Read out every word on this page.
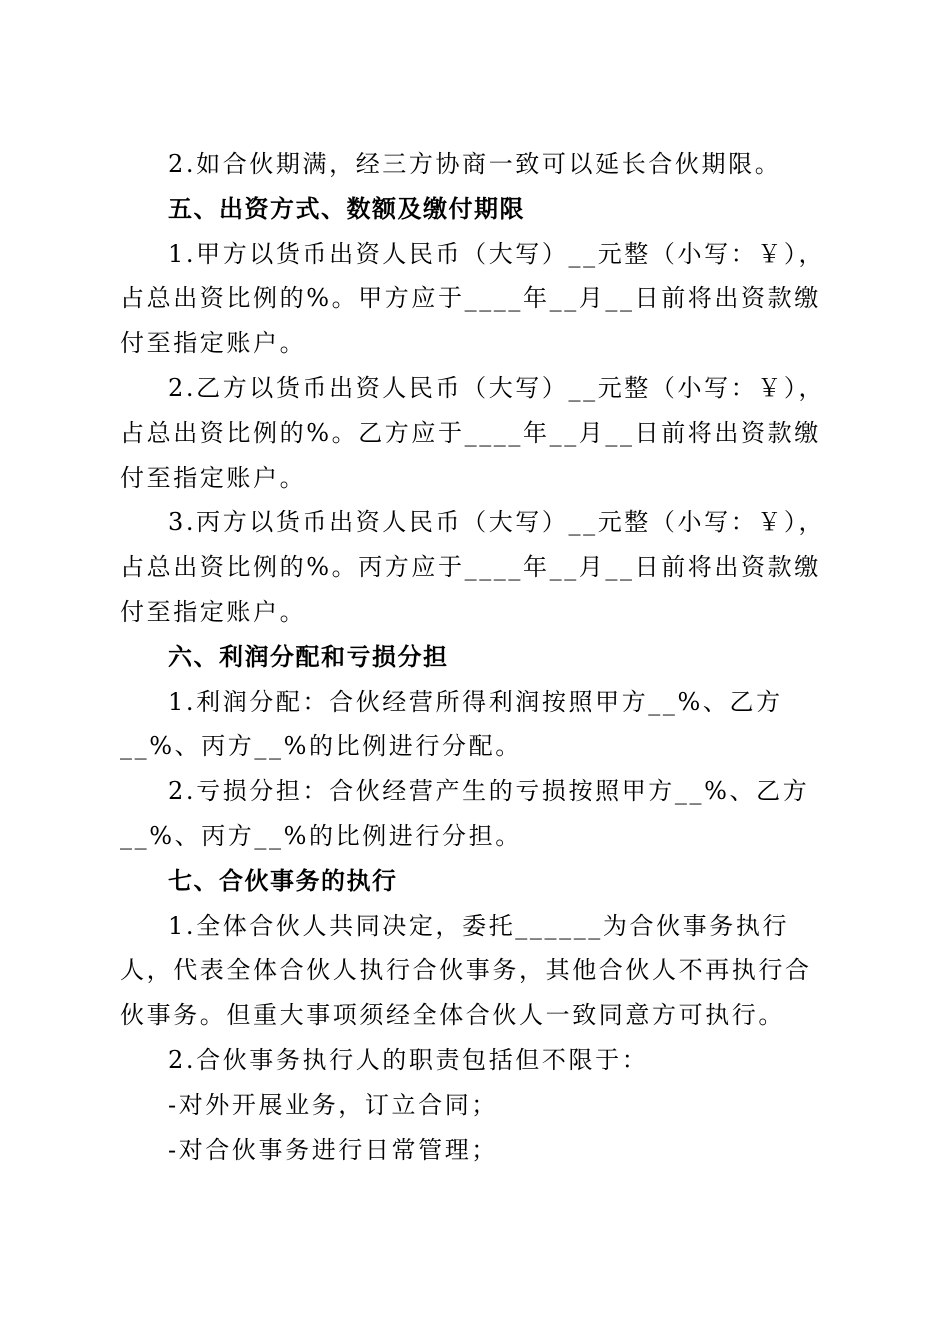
2.如合伙期满，经三方协商一致可以延长合伙期限。

五、出资方式、数额及缴付期限

1.甲方以货币出资人民币（大写）__元整（小写：￥），占总出资比例的%。甲方应于____年__月__日前将出资款缴付至指定账户。

2.乙方以货币出资人民币（大写）__元整（小写：￥），占总出资比例的%。乙方应于____年__月__日前将出资款缴付至指定账户。

3.丙方以货币出资人民币（大写）__元整（小写：￥），占总出资比例的%。丙方应于____年__月__日前将出资款缴付至指定账户。

六、利润分配和亏损分担

1.利润分配：合伙经营所得利润按照甲方__%、乙方__%、丙方__%的比例进行分配。

2.亏损分担：合伙经营产生的亏损按照甲方__%、乙方__%、丙方__%的比例进行分担。

七、合伙事务的执行

1.全体合伙人共同决定，委托______为合伙事务执行人，代表全体合伙人执行合伙事务，其他合伙人不再执行合伙事务。但重大事项须经全体合伙人一致同意方可执行。

2.合伙事务执行人的职责包括但不限于：

-对外开展业务，订立合同；

-对合伙事务进行日常管理；
